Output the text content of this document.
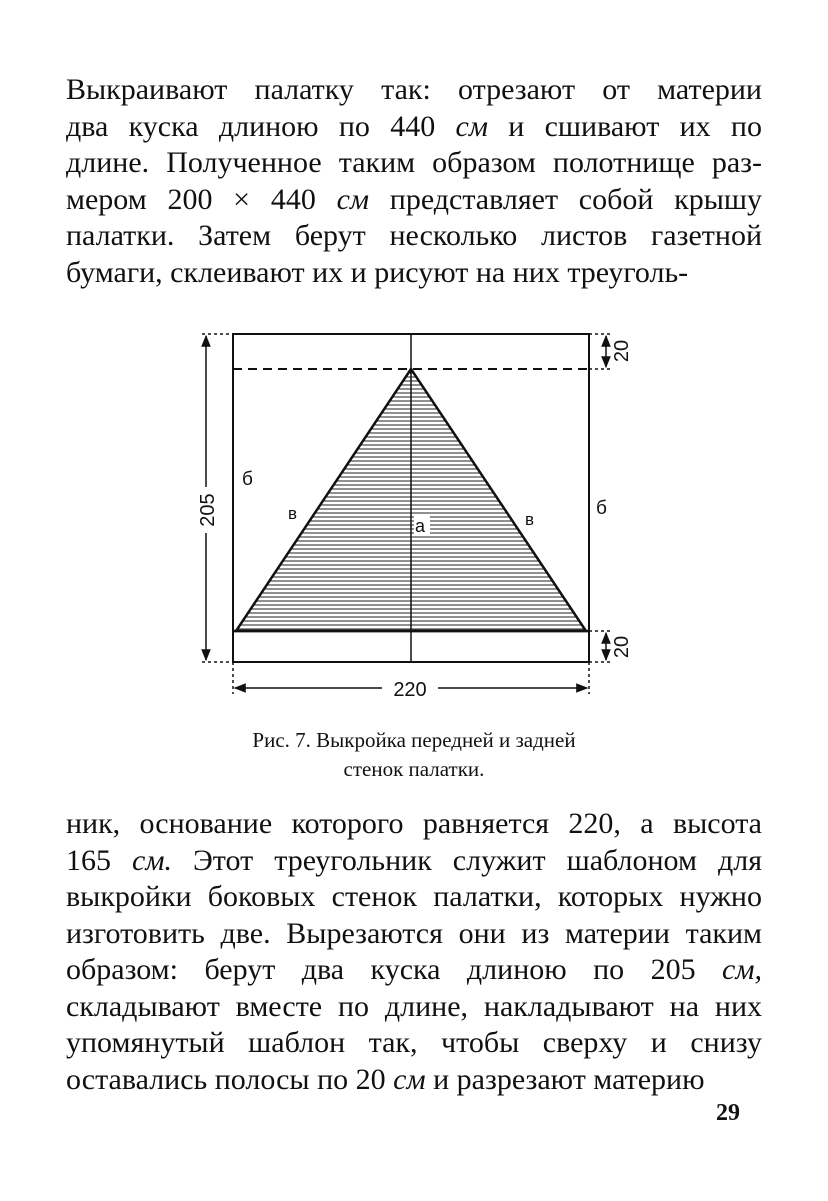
Выкраивают палатку так: отрезают от материи
два куска длиною по 440 см и сшивают их по
длине. Полученное таким образом полотнище раз-
мером 200 × 440 см представляет собой крышу
палатки. Затем берут несколько листов газетной
бумаги, склеивают их и рисуют на них треуголь-
205
20
20
220
б
б
в	в
а

Рис. 7. Выкройка передней и задней
стенок палатки.

ник, основание которого равняется 220, а высота
165 см. Этот треугольник служит шаблоном для
выкройки боковых стенок палатки, которых нужно
изготовить две. Вырезаются они из материи таким
образом: берут два куска длиною по 205 см,
складывают вместе по длине, накладывают на них
упомянутый шаблон так, чтобы сверху и снизу
оставались полосы по 20 см и разрезают материю
29
